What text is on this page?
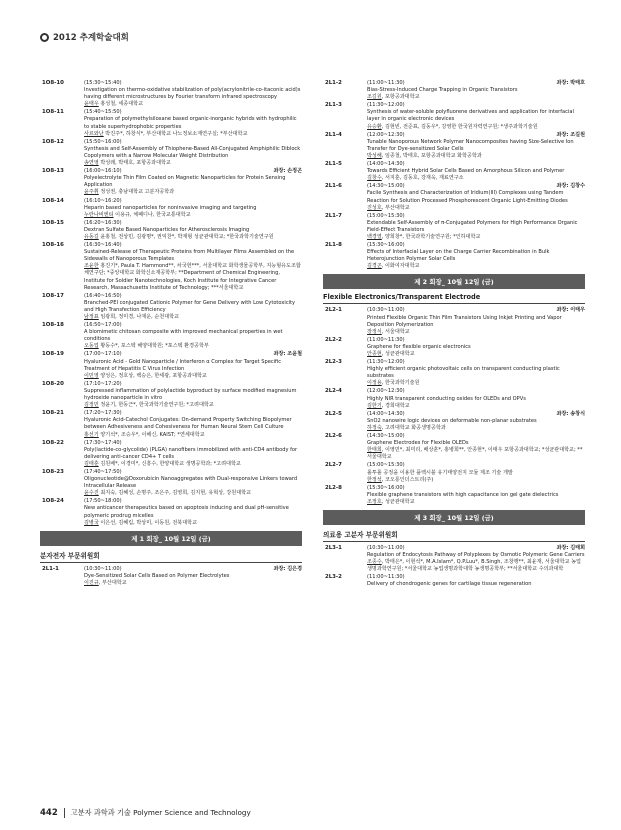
2012 추계학술대회
1O8-10	(15:30~15:40)
Investigation on thermo-oxidative stabilization of poly(acrylonitrile-co-itaconic acid)s having different microstructures by Fourier transform infrared spectroscopy
윤태우 홍성철, 세종대학교
1O8-11	(15:40~15:50)
Preparation of polymethylsiloxane based organic-inorganic hybrids with hydrophilic to stable superhydrophobic properties
사르와난 박진주*, 하창식*, 부산대학교 나노정보소재연구실; *부산대학교
1O8-12	(15:50~16:00)
Synthesis and Self-Assembly of Thiophene-Based All-Conjugated Amphiphilic Diblock Copolymers with a Narrow Molecular Weight Distribution
송연영 박성래, 박태호, 포항공과대학교
1O8-13	(16:00~16:10)	좌장: 손정곤
Polyelectrolyte Thin Film Coated on Magnetic Nanoparticles for Protein Sensing Application
윤주휘 정성권, 충남대학교 고분자공학과
1O8-14	(16:10~16:20)
Heparin based nanoparticles for noninvasive imaging and targeting
누란나비엔티 이용규, 체페디나, 한국교통대학교
1O8-15	(16:20~16:30)
Dextran Sulfate Based Nanoparticles for Atherosclerosis Imaging
유동길 윤홍철, 전상민, 김광명*, 권익찬*, 박재형 성균관대학교; *한국과학기술연구원
1O8-16	(16:30~16:40)
Sustained-Release of Therapeutic Proteins from Multilayer Films Assembled on the Sidewalls of Nanoporous Templates
조윤한 홍진기*, Paula T. Hammond**, 차국헌***, 서울대학교 화학생물공학부, 지능형유도조합체연구단; *중앙대학교 화학신소재공학부; **Department of Chemical Engineering, Institute for Soldier Nanotechnologies, Koch Institute for Integrative Cancer Research, Massachusetts Institute of Technology; ***서울대학교
1O8-17	(16:40~16:50)
Branched-PEI conjugated Cationic Polymer for Gene Delivery with Low Cytotoxicity and High Transfection Efficiency
남정표 임광희, 정미경, 나재운, 순천대학교
1O8-18	(16:50~17:00)
A biomimetic chitosan composite with improved mechanical properties in wet conditions
오동업 황동수*, 포스텍 해양대학원; *포스텍 환경공학부
1O8-19	(17:00~17:10)	좌장: 조윤철
Hyaluronic Acid - Gold Nanoparticle / Interferon α Complex for Target Specific Treatment of Hepatitis C Virus Infection
이민영 양성은, 정호상, 백승은, 한세광, 포항공과대학교
1O8-20	(17:10~17:20)
Suppressed inflammation of polylactide byproduct by surface modified magnesium hydroxide nanoparticle in vitro
김정민 정윤기, 한동근*, 한국과학기술연구원; *고려대학교
1O8-21	(17:20~17:30)
Hyaluronic Acid-Catechol Conjugates: On-demand Property Switching Biopolymer between Adhesiveness and Cohesiveness for Human Neural Stem Cell Culture
홍선기 양기석*, 조승우*, 이해신, KAIST; *연세대학교
1O8-22	(17:30~17:40)
Poly(lactide-co-glycolide) (PLGA) nanofibers immobilized with anti-CD4 antibody for delivering anti-cancer CD4+ T cells
김태훈 김원배*, 이경미*, 신흥수, 한양대학교 생명공학과; *고려대학교
1O8-23	(17:40~17:50)
Oligonucleotide@Doxorubicin Nanoaggregates with Dual-responsive Linkers toward Intracellular Release
윤수진 최지숙, 김혜성, 손명주, 조은주, 김영희, 김지현, 유혁상, 강원대학교
1O8-24	(17:50~18:00)
New anticancer therapeutics based on apoptosis inducing and dual pH-sensitive polymeric prodrug micelles
김병국 이은선, 김혜림, 박상미, 이동원, 전북대학교
제 1 회장_ 10월 12일 (금)
분자전자 부문위원회
2L1-1	(10:30~11:00)	좌장: 김은경
Dye-Sensitized Solar Cells Based on Polymer Electrolytes
이진규, 부산대학교
2L1-2	(11:00~11:30)	좌장: 박태호
Bias-Stress-Induced Charge Trapping in Organic Transistors
조길원, 포항공과대학교
2L1-3	(11:30~12:00)
Synthesis of water-soluble polyfluorene derivatives and application for interfacial layer in organic electronic devices
유승환, 김현빈, 전준표, 김동우*, 강영한 한국원자력연구원; *생주과학기술원
2L1-4	(12:00~12:30)	좌장: 조길원
Tunable Nanoporous Network Polymer Nanocomposites having Size-Selective Ion Transfer for Dye-sensitized Solar Cells
박성해, 임종철, 박태호, 포항공과대학교 화학공학과
2L1-5	(14:00~14:30)
Towards Efficient Hybrid Solar Cells Based on Amorphous Silicon and Polymer
김창수, 서지훈, 김동호, 강재욱, 재료연구소
2L1-6	(14:30~15:00)	좌장: 김창수
Facile Synthesis and Characterization of Iridium(III) Complexes using Tandem Reaction for Solution Processed Phosphorescent Organic Light-Emitting Diodes
진성호, 부산대학교
2L1-7	(15:00~15:30)
Extendable Self-Assembly of π-Conjugated Polymers for High Performance Organic Field-Effect Transistors
백경열, 양희창*, 한국과학기술연구원; *인하대학교
2L1-8	(15:30~16:00)
Effects of Interfacial Layer on the Charge Carrier Recombination in Bulk Heterojunction Polymer Solar Cells
김경곤, 이화여자대학교
제 2 회장_ 10월 12일 (금)
Flexible Electronics/Transparent Electrode
2L2-1	(10:30~11:00)	좌장: 이태우
Printed Flexible Organic Thin Film Transistors Using Inkjet Printing and Vapor Deposition Polymerization
장정식, 서울대학교
2L2-2	(11:00~11:30)
Graphene for flexible organic electronics
안종현, 성균관대학교
2L2-3	(11:30~12:00)
Highly efficient organic photovoltaic cells on transparent conducting plastic substrates
이정용, 한국과학기술원
2L2-4	(12:00~12:30)
Highly NIR transparent conducting oxides for OLEDs and OPVs
김한기, 경희대학교
2L2-5	(14:00~14:30)	좌장: 송창식
SnO2 nanowire logic devices on deformable non-planar substrates
하정숙, 고려대학교 화공생명공학과
2L2-6	(14:30~15:00)
Graphene Electrodes for Flexible OLEDs
한태희, 이영민*, 최미리, 배상훈*, 홍병희**, 안종현*, 이태우 포항공과대학교; *성균관대학교; **서울대학교
2L2-7	(15:00~15:30)
롤투롤 공정을 이용한 플렉시블 유기태양전지 모듈 제조 기술 개발
한정석, 코오롱인더스트리(주)
2L2-8	(15:30~16:00)
Flexible graphene transistors with high capacitance ion gel gate dielectrics
조정호, 성균관대학교
제 3 회장_ 10월 12일 (금)
의료용 고분자 부문위원회
2L3-1	(10:30~11:00)	좌장: 김태희
Regulation of Endocytosis Pathway of Polyplexes by Osmotic Polymeric Gene Carriers
조종수, 박태은*, 이현석*, M.A.Islam*, Q.P.Luu*, B.Singh, 조창행**, 최윤재, 서울대학교 농업생명과학연구원; *서울대학교 농업생명과학대학 농생명공학부; **서울대학교 수의과대학
2L3-2	(11:00~11:30)
Delivery of chondrogenic genes for cartilage tissue regeneration
442 고분자 과학과 기술 Polymer Science and Technology
